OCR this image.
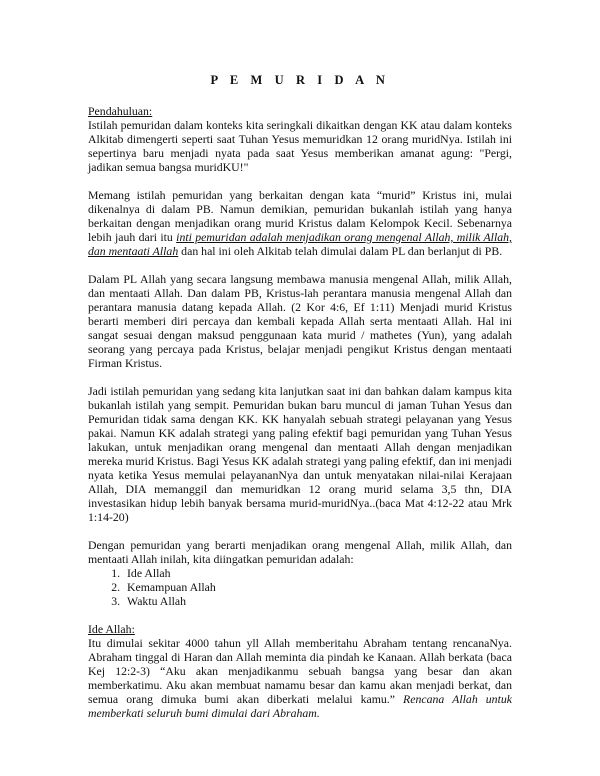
P E M U R I D A N
Pendahuluan:

Istilah pemuridan dalam konteks kita seringkali dikaitkan dengan KK atau dalam konteks Alkitab dimengerti seperti saat Tuhan Yesus memuridkan 12 orang muridNya. Istilah ini sepertinya baru menjadi nyata pada saat Yesus memberikan amanat agung: "Pergi, jadikan semua bangsa muridKU!"

Memang istilah pemuridan yang berkaitan dengan kata “murid” Kristus ini, mulai dikenalnya di dalam PB. Namun demikian, pemuridan bukanlah istilah yang hanya berkaitan dengan menjadikan orang murid Kristus dalam Kelompok Kecil. Sebenarnya lebih jauh dari itu inti pemuridan adalah menjadikan orang mengenal Allah, milik Allah, dan mentaati Allah dan hal ini oleh Alkitab telah dimulai dalam PL dan berlanjut di PB.

Dalam PL Allah yang secara langsung membawa manusia mengenal Allah, milik Allah, dan mentaati Allah. Dan dalam PB, Kristus-lah perantara manusia mengenal Allah dan perantara manusia datang kepada Allah. (2 Kor 4:6, Ef 1:11) Menjadi murid Kristus berarti memberi diri percaya dan kembali kepada Allah serta mentaati Allah. Hal ini sangat sesuai dengan maksud penggunaan kata murid / mathetes (Yun), yang adalah seorang yang percaya pada Kristus, belajar menjadi pengikut Kristus dengan mentaati Firman Kristus.

Jadi istilah pemuridan yang sedang kita lanjutkan saat ini dan bahkan dalam kampus kita bukanlah istilah yang sempit. Pemuridan bukan baru muncul di jaman Tuhan Yesus dan Pemuridan tidak sama dengan KK. KK hanyalah sebuah strategi pelayanan yang Yesus pakai. Namun KK adalah strategi yang paling efektif bagi pemuridan yang Tuhan Yesus lakukan, untuk menjadikan orang mengenal dan mentaati Allah dengan menjadikan mereka murid Kristus. Bagi Yesus KK adalah strategi yang paling efektif, dan ini menjadi nyata ketika Yesus memulai pelayananNya dan untuk menyatakan nilai-nilai Kerajaan Allah, DIA memanggil dan memuridkan 12 orang murid selama 3,5 thn, DIA investasikan hidup lebih banyak bersama murid-muridNya..(baca Mat 4:12-22 atau Mrk 1:14-20)

Dengan pemuridan yang berarti menjadikan orang mengenal Allah, milik Allah, dan mentaati Allah inilah, kita diingatkan pemuridan adalah:

1. Ide Allah
2. Kemampuan Allah
3. Waktu Allah
Ide Allah:

Itu dimulai sekitar 4000 tahun yll Allah memberitahu Abraham tentang rencanaNya. Abraham tinggal di Haran dan Allah meminta dia pindah ke Kanaan. Allah berkata (baca Kej 12:2-3) “Aku akan menjadikanmu sebuah bangsa yang besar dan akan memberkatimu. Aku akan membuat namamu besar dan kamu akan menjadi berkat, dan semua orang dimuka bumi akan diberkati melalui kamu.” Rencana Allah untuk memberkati seluruh bumi dimulai dari Abraham.
